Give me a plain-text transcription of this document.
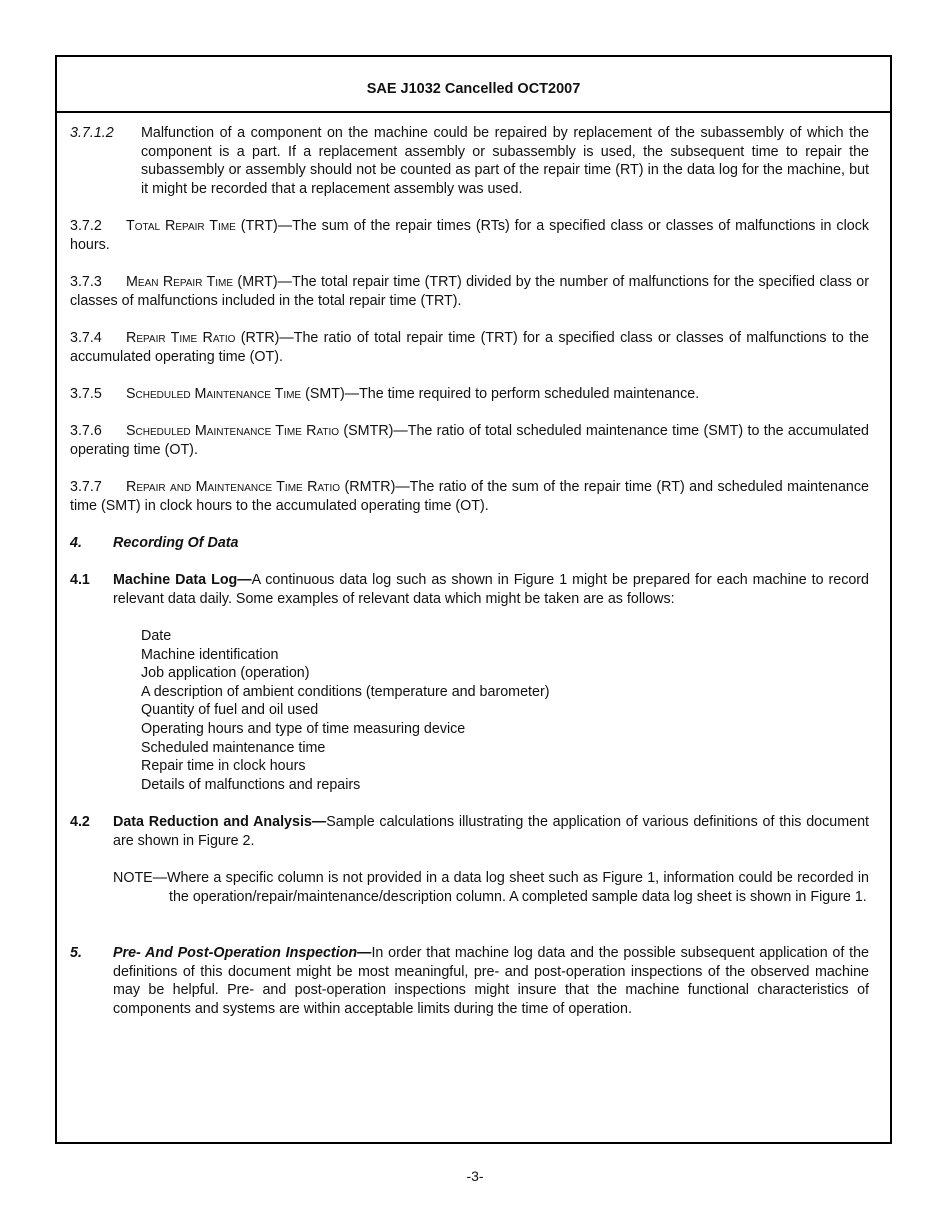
SAE J1032 Cancelled OCT2007
3.7.1.2 Malfunction of a component on the machine could be repaired by replacement of the subassembly of which the component is a part. If a replacement assembly or subassembly is used, the subsequent time to repair the subassembly or assembly should not be counted as part of the repair time (RT) in the data log for the machine, but it might be recorded that a replacement assembly was used.
3.7.2	Total Repair Time (TRT)—The sum of the repair times (RTs) for a specified class or classes of malfunctions in clock hours.
3.7.3	Mean Repair Time (MRT)—The total repair time (TRT) divided by the number of malfunctions for the specified class or classes of malfunctions included in the total repair time (TRT).
3.7.4	Repair Time Ratio (RTR)—The ratio of total repair time (TRT) for a specified class or classes of malfunctions to the accumulated operating time (OT).
3.7.5	Scheduled Maintenance Time (SMT)—The time required to perform scheduled maintenance.
3.7.6	Scheduled Maintenance Time Ratio (SMTR)—The ratio of total scheduled maintenance time (SMT) to the accumulated operating time (OT).
3.7.7	Repair and Maintenance Time Ratio (RMTR)—The ratio of the sum of the repair time (RT) and scheduled maintenance time (SMT) in clock hours to the accumulated operating time (OT).
4. Recording Of Data
4.1 Machine Data Log—A continuous data log such as shown in Figure 1 might be prepared for each machine to record relevant data daily. Some examples of relevant data which might be taken are as follows:
Date
Machine identification
Job application (operation)
A description of ambient conditions (temperature and barometer)
Quantity of fuel and oil used
Operating hours and type of time measuring device
Scheduled maintenance time
Repair time in clock hours
Details of malfunctions and repairs
4.2 Data Reduction and Analysis—Sample calculations illustrating the application of various definitions of this document are shown in Figure 2.
NOTE—Where a specific column is not provided in a data log sheet such as Figure 1, information could be recorded in the operation/repair/maintenance/description column. A completed sample data log sheet is shown in Figure 1.
5. Pre- And Post-Operation Inspection—In order that machine log data and the possible subsequent application of the definitions of this document might be most meaningful, pre- and post-operation inspections of the observed machine may be helpful. Pre- and post-operation inspections might insure that the machine functional characteristics of components and systems are within acceptable limits during the time of operation.
-3-
